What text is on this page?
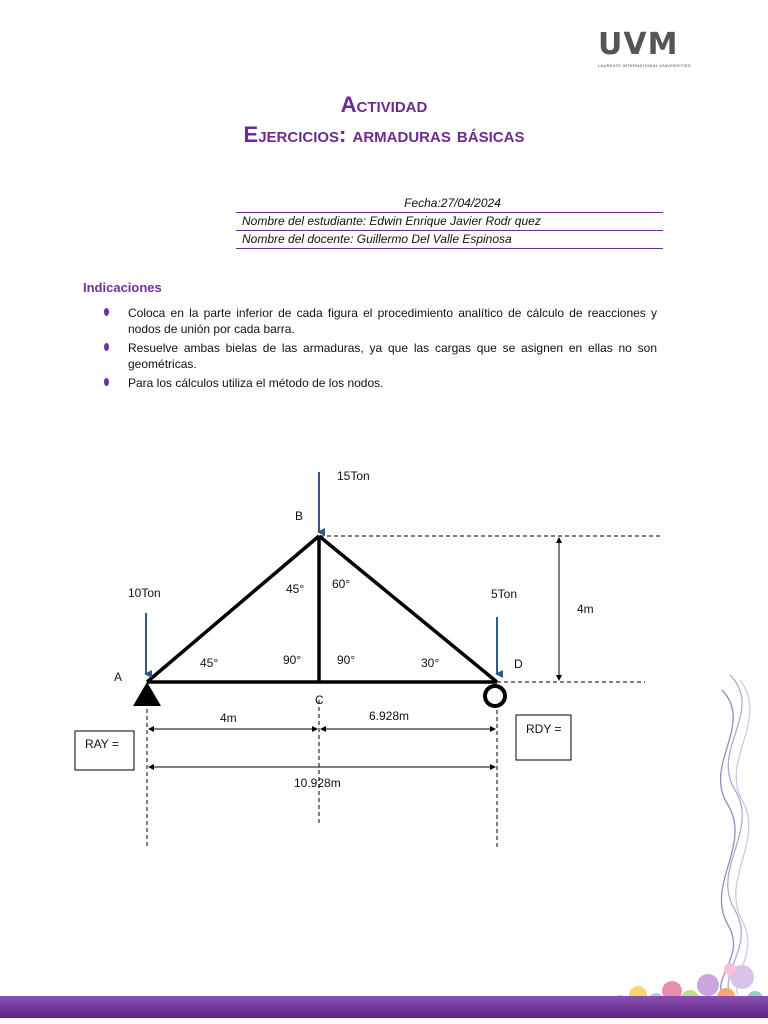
UVM
LAUREATE INTERNATIONAL UNIVERSITIES
Actividad
Ejercicios: armaduras básicas
Fecha:27/04/2024
Nombre del estudiante: Edwin Enrique Javier Rodr quez
Nombre del docente: Guillermo Del Valle Espinosa
Indicaciones
Coloca en la parte inferior de cada figura el procedimiento analítico de cálculo de reacciones y nodos de unión por cada barra.
Resuelve ambas bielas de las armaduras, ya que las cargas que se asignen en ellas no son geométricas.
Para los cálculos utiliza el método de los nodos.
15Ton
10Ton	5Ton
B
A
C
D
45° 60°
45°	90°	90°	30°
4m
4m	6.928m
10.928m
RAY =
RDY =
